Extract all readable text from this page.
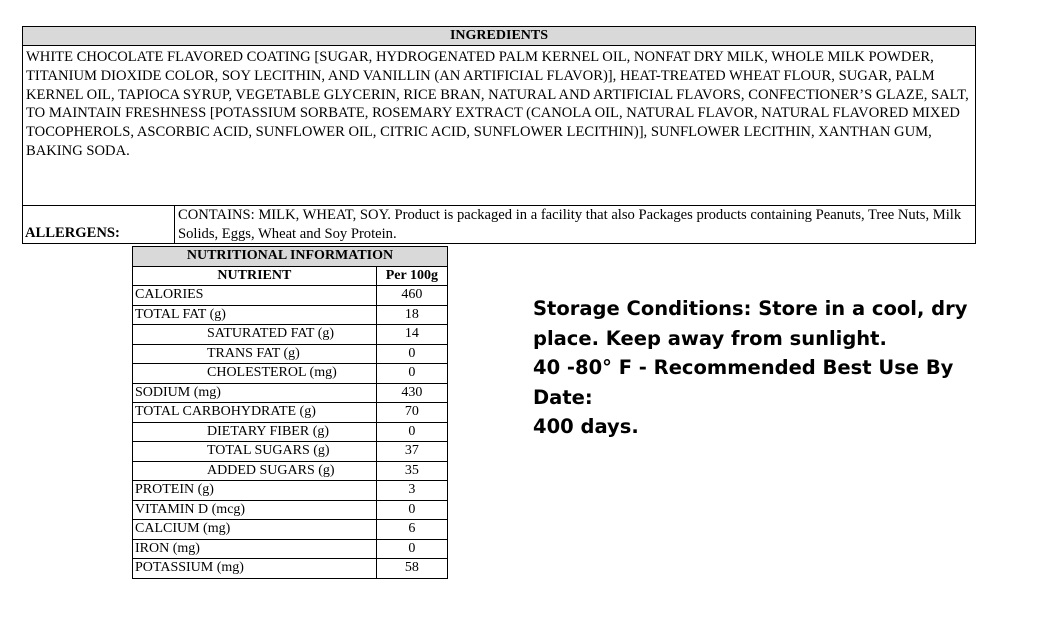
INGREDIENTS
WHITE CHOCOLATE FLAVORED COATING [SUGAR, HYDROGENATED PALM KERNEL OIL, NONFAT DRY MILK, WHOLE MILK POWDER, TITANIUM DIOXIDE COLOR, SOY LECITHIN, AND VANILLIN (AN ARTIFICIAL FLAVOR)], HEAT-TREATED WHEAT FLOUR, SUGAR, PALM KERNEL OIL, TAPIOCA SYRUP, VEGETABLE GLYCERIN, RICE BRAN, NATURAL AND ARTIFICIAL FLAVORS, CONFECTIONER’S GLAZE, SALT, TO MAINTAIN FRESHNESS [POTASSIUM SORBATE, ROSEMARY EXTRACT (CANOLA OIL, NATURAL FLAVOR, NATURAL FLAVORED MIXED TOCOPHEROLS, ASCORBIC ACID, SUNFLOWER OIL, CITRIC ACID, SUNFLOWER LECITHIN)], SUNFLOWER LECITHIN, XANTHAN GUM, BAKING SODA.
ALLERGENS:	CONTAINS: MILK, WHEAT, SOY. Product is packaged in a facility that also Packages products containing Peanuts, Tree Nuts, Milk Solids, Eggs, Wheat and Soy Protein.
NUTRITIONAL INFORMATION	
NUTRIENT	Per 100g
CALORIES	460
TOTAL FAT (g)	18
SATURATED FAT (g)	14
TRANS FAT (g)	0
CHOLESTEROL (mg)	0
SODIUM (mg)	430
TOTAL CARBOHYDRATE (g)	70
DIETARY FIBER (g)	0
TOTAL SUGARS (g)	37
ADDED SUGARS (g)	35
PROTEIN (g)	3
VITAMIN D (mcg)	0
CALCIUM (mg)	6
IRON (mg)	0
POTASSIUM (mg)	58

Storage Conditions: Store in a cool, dry

place. Keep away from sunlight.

40 -80° F - Recommended Best Use By Date:

400 days.
